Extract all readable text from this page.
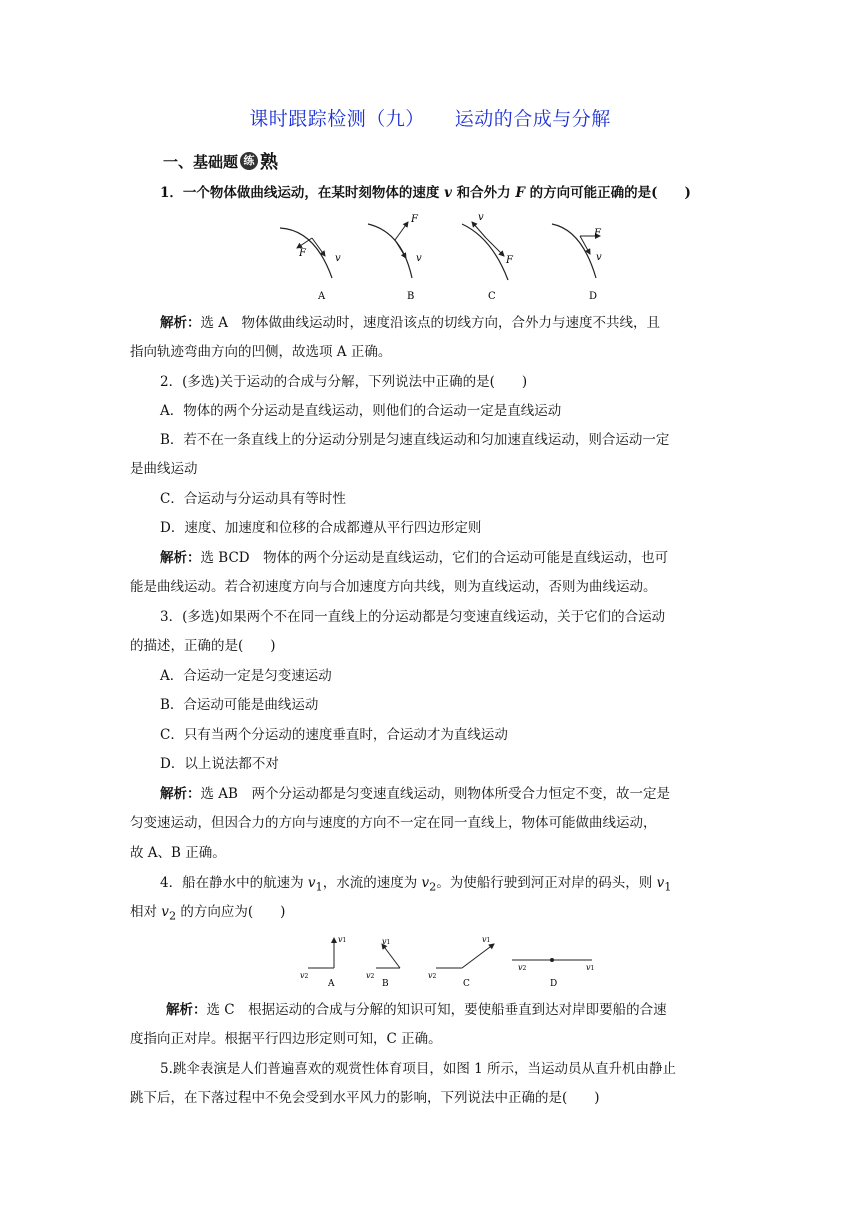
课时跟踪检测（九） 运动的合成与分解
一、基础题 练 熟
1．一个物体做曲线运动，在某时刻物体的速度 v 和合外力 F 的方向可能正确的是(　　)
F	v
A
F
v
B
v
F
C
F
v
D
解析：选 A　物体做曲线运动时，速度沿该点的切线方向，合外力与速度不共线，且
指向轨迹弯曲方向的凹侧，故选项 A 正确。
2．(多选)关于运动的合成与分解，下列说法中正确的是(　　)
A．物体的两个分运动是直线运动，则他们的合运动一定是直线运动
B．若不在一条直线上的分运动分别是匀速直线运动和匀加速直线运动，则合运动一定
是曲线运动
C．合运动与分运动具有等时性
D．速度、加速度和位移的合成都遵从平行四边形定则
解析：选 BCD　物体的两个分运动是直线运动，它们的合运动可能是直线运动，也可
能是曲线运动。若合初速度方向与合加速度方向共线，则为直线运动，否则为曲线运动。
3．(多选)如果两个不在同一直线上的分运动都是匀变速直线运动，关于它们的合运动
的描述，正确的是(　　)
A．合运动一定是匀变速运动
B．合运动可能是曲线运动
C．只有当两个分运动的速度垂直时，合运动才为直线运动
D．以上说法都不对
解析：选 AB　两个分运动都是匀变速直线运动，则物体所受合力恒定不变，故一定是
匀变速运动，但因合力的方向与速度的方向不一定在同一直线上，物体可能做曲线运动，
故 A、B 正确。
4．船在静水中的航速为 $v_1$，水流的速度为 $v_2$。为使船行驶到河正对岸的码头，则 $v_1$
相对 $v_2$ 的方向应为(　　)
v1
v2
A
v1
v2
B
v1
v2
C
v2	v1
D
解析：选 C　根据运动的合成与分解的知识可知，要使船垂直到达对岸即要船的合速
度指向正对岸。根据平行四边形定则可知，C 正确。
5.跳伞表演是人们普遍喜欢的观赏性体育项目，如图 1 所示，当运动员从直升机由静止
跳下后，在下落过程中不免会受到水平风力的影响，下列说法中正确的是(　　)
